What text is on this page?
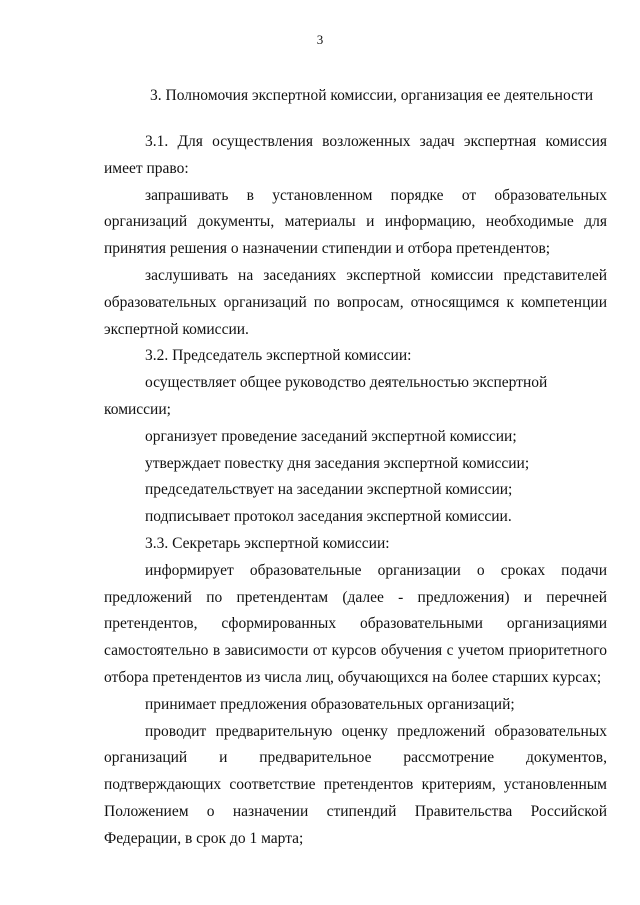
3
3. Полномочия экспертной комиссии, организация ее деятельности

3.1. Для осуществления возложенных задач экспертная комиссия имеет право:

запрашивать в установленном порядке от образовательных организаций документы, материалы и информацию, необходимые для принятия решения о назначении стипендии и отбора претендентов;

заслушивать на заседаниях экспертной комиссии представителей образовательных организаций по вопросам, относящимся к компетенции экспертной комиссии.

3.2. Председатель экспертной комиссии:

осуществляет общее руководство деятельностью экспертной комиссии;

организует проведение заседаний экспертной комиссии;

утверждает повестку дня заседания экспертной комиссии;

председательствует на заседании экспертной комиссии;

подписывает протокол заседания экспертной комиссии.

3.3. Секретарь экспертной комиссии:

информирует образовательные организации о сроках подачи предложений по претендентам (далее - предложения) и перечней претендентов, сформированных образовательными организациями самостоятельно в зависимости от курсов обучения с учетом приоритетного отбора претендентов из числа лиц, обучающихся на более старших курсах;

принимает предложения образовательных организаций;

проводит предварительную оценку предложений образовательных организаций и предварительное рассмотрение документов, подтверждающих соответствие претендентов критериям, установленным Положением о назначении стипендий Правительства Российской Федерации, в срок до 1 марта;
